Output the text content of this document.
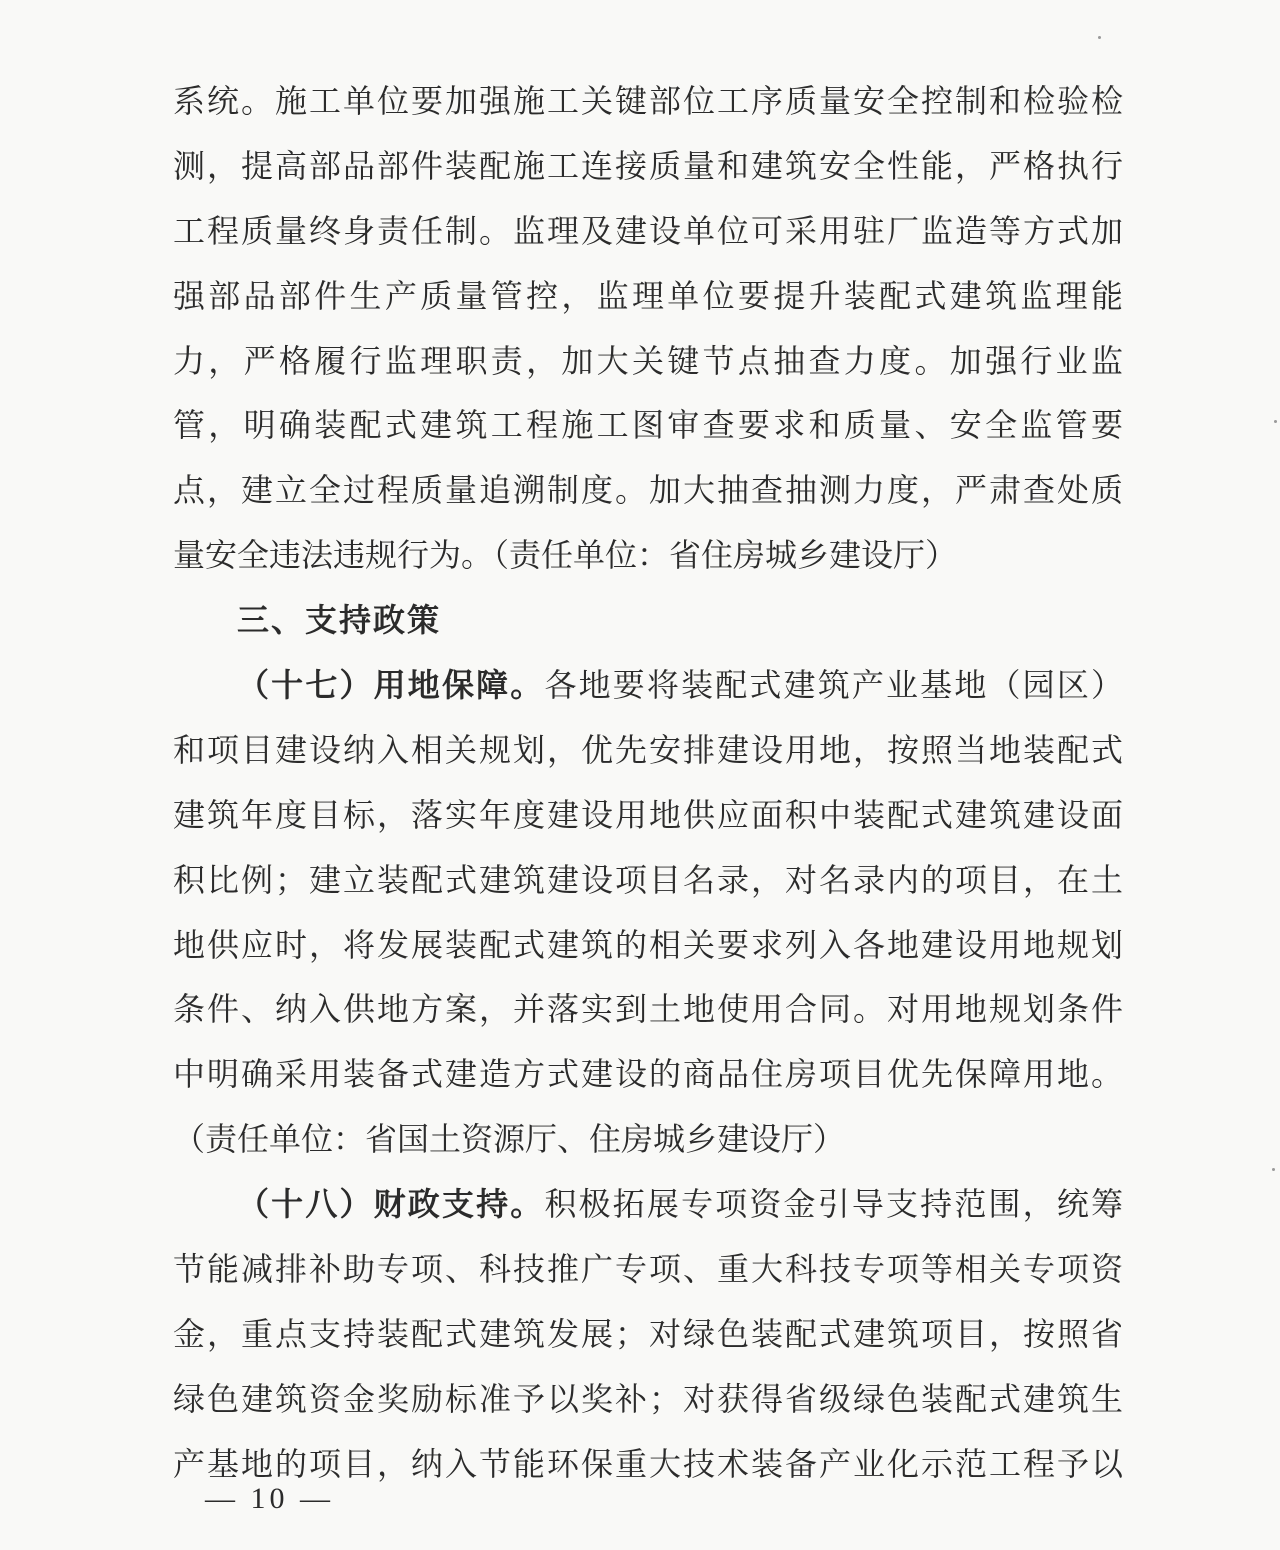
系统。施工单位要加强施工关键部位工序质量安全控制和检验检
测，提高部品部件装配施工连接质量和建筑安全性能，严格执行
工程质量终身责任制。监理及建设单位可采用驻厂监造等方式加
强部品部件生产质量管控，监理单位要提升装配式建筑监理能
力，严格履行监理职责，加大关键节点抽查力度。加强行业监
管，明确装配式建筑工程施工图审查要求和质量、安全监管要
点，建立全过程质量追溯制度。加大抽查抽测力度，严肃查处质
量安全违法违规行为。（责任单位：省住房城乡建设厅）
三、支持政策
（十七）用地保障。各地要将装配式建筑产业基地（园区）
和项目建设纳入相关规划，优先安排建设用地，按照当地装配式
建筑年度目标，落实年度建设用地供应面积中装配式建筑建设面
积比例；建立装配式建筑建设项目名录，对名录内的项目，在土
地供应时，将发展装配式建筑的相关要求列入各地建设用地规划
条件、纳入供地方案，并落实到土地使用合同。对用地规划条件
中明确采用装备式建造方式建设的商品住房项目优先保障用地。
（责任单位：省国土资源厅、住房城乡建设厅）
（十八）财政支持。积极拓展专项资金引导支持范围，统筹
节能减排补助专项、科技推广专项、重大科技专项等相关专项资
金，重点支持装配式建筑发展；对绿色装配式建筑项目，按照省
绿色建筑资金奖励标准予以奖补；对获得省级绿色装配式建筑生
产基地的项目，纳入节能环保重大技术装备产业化示范工程予以
— 10 —
